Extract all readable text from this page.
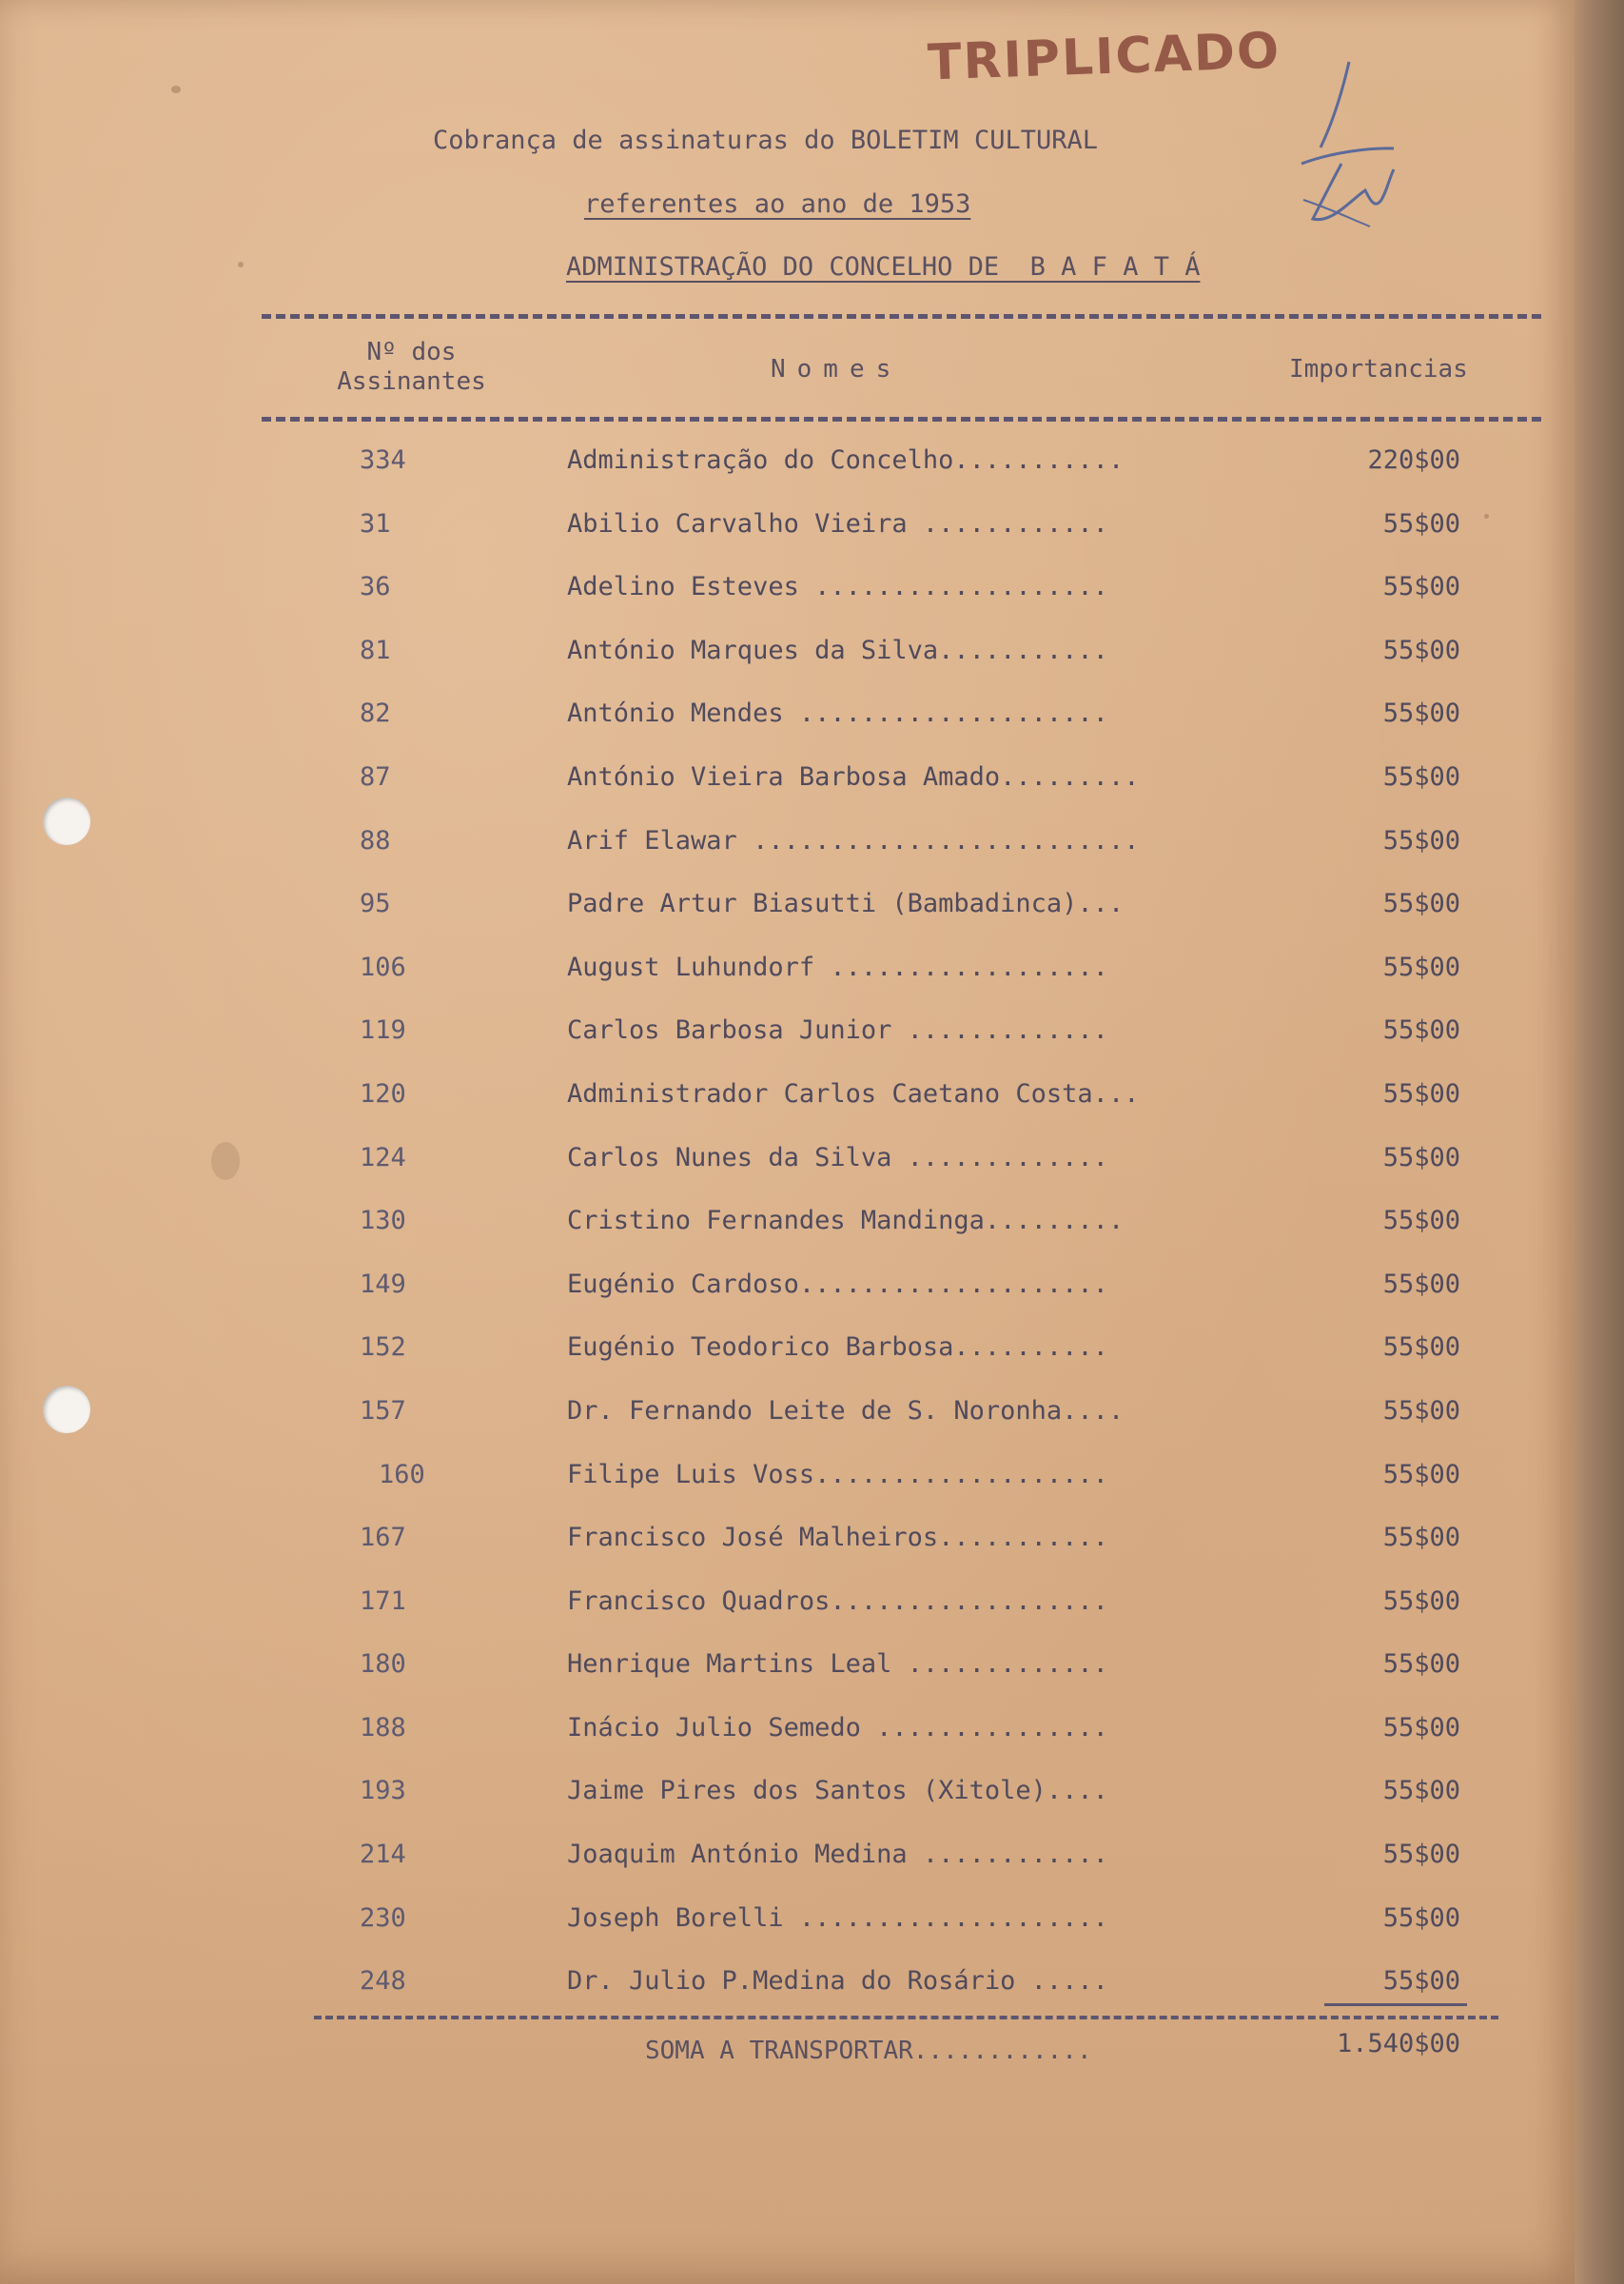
TRIPLICADO
Cobrança de assinaturas do BOLETIM CULTURAL
referentes ao ano de 1953
ADMINISTRAÇÃO DO CONCELHO DE  B A F A T Á
Nº dos
Assinantes	Nomes	Importancias
334	Administração do Concelho...........	220$00
31	Abilio Carvalho Vieira ............	55$00
36	Adelino Esteves ...................	55$00
81	António Marques da Silva...........	55$00
82	António Mendes ....................	55$00
87	António Vieira Barbosa Amado.........	55$00
88	Arif Elawar .........................	55$00
95	Padre Artur Biasutti (Bambadinca)...	55$00
106	August Luhundorf ..................	55$00
119	Carlos Barbosa Junior .............	55$00
120	Administrador Carlos Caetano Costa...	55$00
124	Carlos Nunes da Silva .............	55$00
130	Cristino Fernandes Mandinga.........	55$00
149	Eugénio Cardoso....................	55$00
152	Eugénio Teodorico Barbosa..........	55$00
157	Dr. Fernando Leite de S. Noronha....	55$00
160	Filipe Luis Voss...................	55$00
167	Francisco José Malheiros...........	55$00
171	Francisco Quadros..................	55$00
180	Henrique Martins Leal .............	55$00
188	Inácio Julio Semedo ...............	55$00
193	Jaime Pires dos Santos (Xitole)....	55$00
214	Joaquim António Medina ............	55$00
230	Joseph Borelli ....................	55$00
248	Dr. Julio P.Medina do Rosário .....	55$00
SOMA A TRANSPORTAR............	1.540$00
